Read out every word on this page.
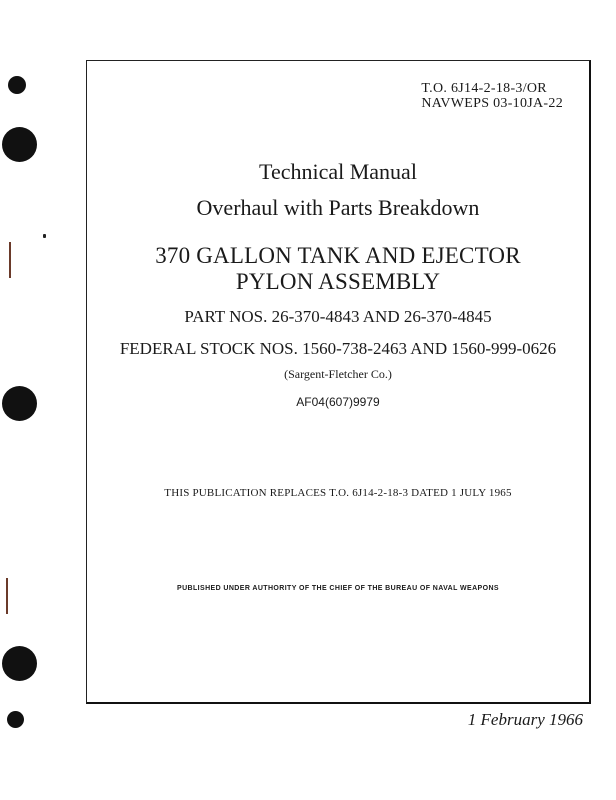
T.O. 6J14-2-18-3/OR
NAVWEPS 03-10JA-22
Technical Manual
Overhaul with Parts Breakdown
370 GALLON TANK AND EJECTOR
PYLON ASSEMBLY
PART NOS. 26-370-4843 AND 26-370-4845
FEDERAL STOCK NOS. 1560-738-2463 AND 1560-999-0626
(Sargent-Fletcher Co.)
AF04(607)9979
THIS PUBLICATION REPLACES T.O. 6J14-2-18-3 DATED 1 JULY 1965
PUBLISHED UNDER AUTHORITY OF THE CHIEF OF THE BUREAU OF NAVAL WEAPONS
1 February 1966
